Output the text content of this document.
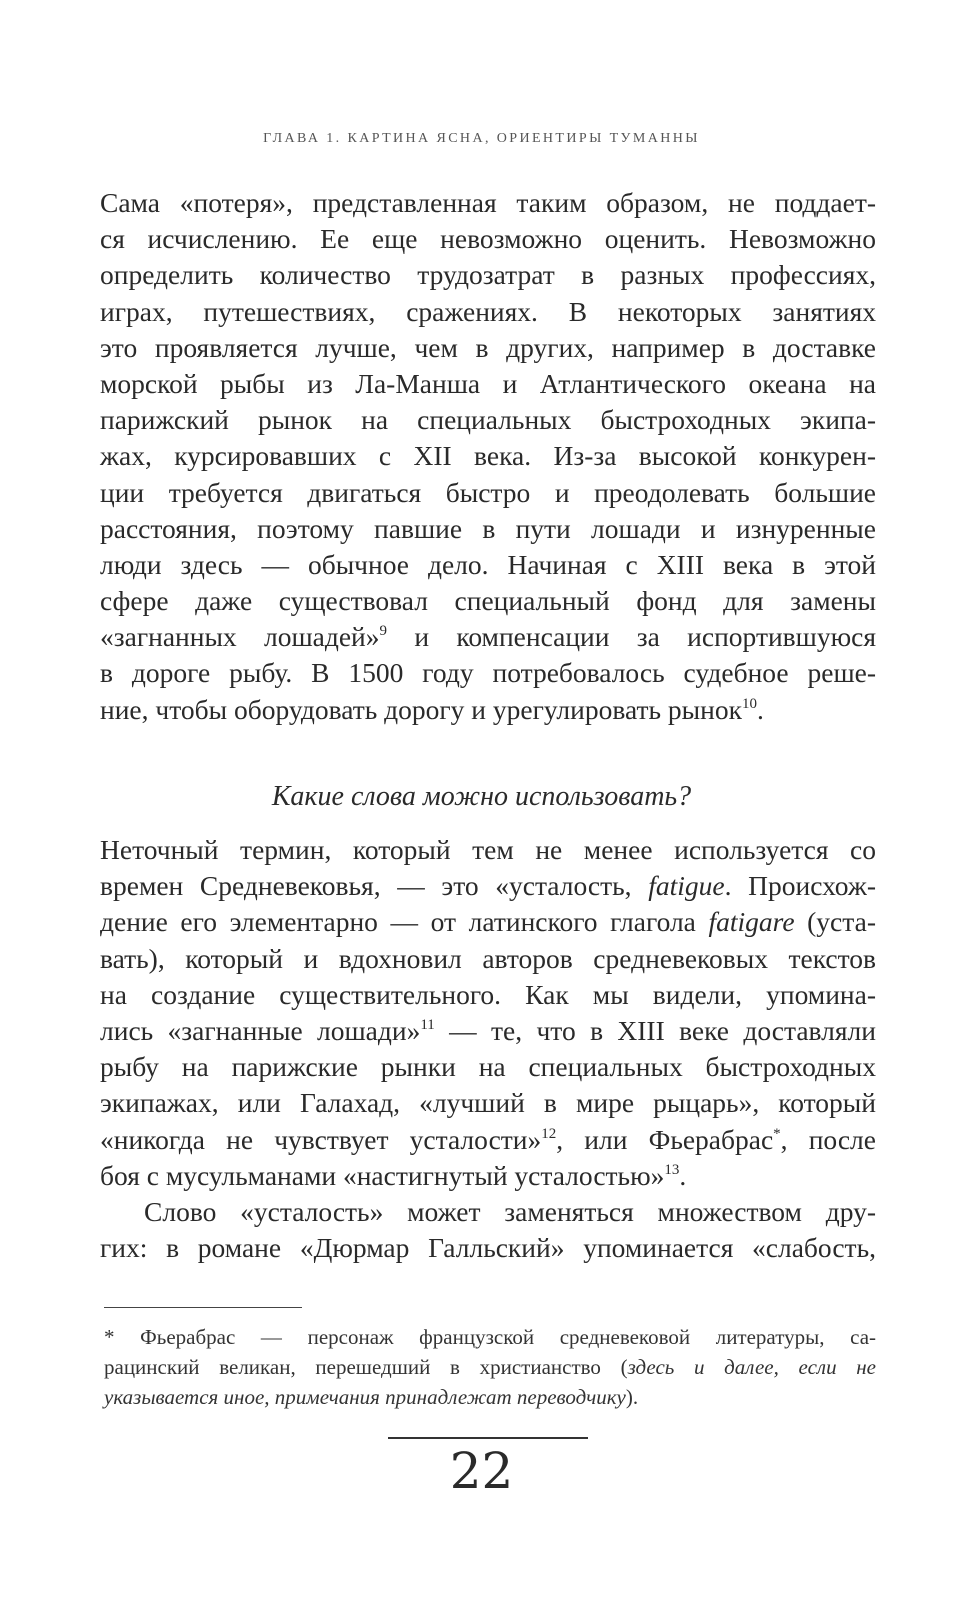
ГЛАВА 1. КАРТИНА ЯСНА, ОРИЕНТИРЫ ТУМАННЫ
Сама «потеря», представленная таким образом, не поддает-
ся исчислению. Ее еще невозможно оценить. Невозможно
определить количество трудозатрат в разных профессиях,
играх, путешествиях, сражениях. В некоторых занятиях
это проявляется лучше, чем в других, например в доставке
морской рыбы из Ла-Манша и Атлантического океана на
парижский рынок на специальных быстроходных экипа-
жах, курсировавших с XII века. Из-за высокой конкурен-
ции требуется двигаться быстро и преодолевать большие
расстояния, поэтому павшие в пути лошади и изнуренные
люди здесь — обычное дело. Начиная с XIII века в этой
сфере даже существовал специальный фонд для замены
«загнанных лошадей»$^9$ и компенсации за испортившуюся
в дороге рыбу. В 1500 году потребовалось судебное реше-
ние, чтобы оборудовать дорогу и урегулировать рынок$^{10}$.
Какие слова можно использовать?
Неточный термин, который тем не менее используется со
времен Средневековья, — это «усталость, fatigue. Происхож-
дение его элементарно — от латинского глагола fatigare (уста-
вать), который и вдохновил авторов средневековых текстов
на создание существительного. Как мы видели, упомина-
лись «загнанные лошади»$^{11}$ — те, что в XIII веке доставляли
рыбу на парижские рынки на специальных быстроходных
экипажах, или Галахад, «лучший в мире рыцарь», который
«никогда не чувствует усталости»$^{12}$, или Фьерабрас*, после
боя с мусульманами «настигнутый усталостью»$^{13}$.
Слово «усталость» может заменяться множеством дру-
гих: в романе «Дюрмар Галльский» упоминается «слабость,
* Фьерабрас — персонаж французской средневековой литературы, са-
рацинский великан, перешедший в христианство (здесь и далее, если не
указывается иное, примечания принадлежат переводчику).
22
